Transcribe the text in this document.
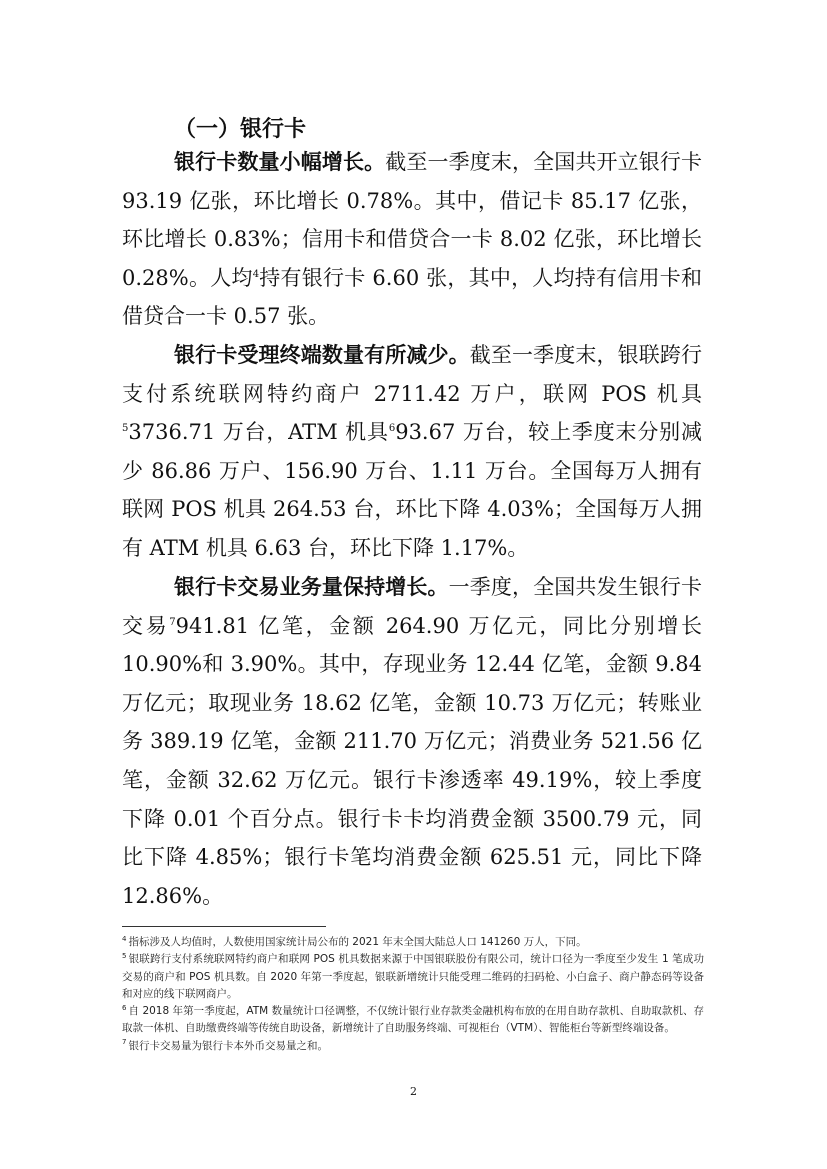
（一）银行卡
银行卡数量小幅增长。截至一季度末，全国共开立银行卡 93.19 亿张，环比增长 0.78%。其中，借记卡 85.17 亿张，环比增长 0.83%；信用卡和借贷合一卡 8.02 亿张，环比增长 0.28%。人均$^4$持有银行卡 6.60 张，其中，人均持有信用卡和借贷合一卡 0.57 张。
银行卡受理终端数量有所减少。截至一季度末，银联跨行支付系统联网特约商户 2711.42 万户，联网 POS 机具$^5$3736.71 万台，ATM 机具$^6$93.67 万台，较上季度末分别减少 86.86 万户、156.90 万台、1.11 万台。全国每万人拥有联网 POS 机具 264.53 台，环比下降 4.03%；全国每万人拥有 ATM 机具 6.63 台，环比下降 1.17%。
银行卡交易业务量保持增长。一季度，全国共发生银行卡交易$^7$941.81 亿笔，金额 264.90 万亿元，同比分别增长 10.90%和 3.90%。其中，存现业务 12.44 亿笔，金额 9.84 万亿元；取现业务 18.62 亿笔，金额 10.73 万亿元；转账业务 389.19 亿笔，金额 211.70 万亿元；消费业务 521.56 亿笔，金额 32.62 万亿元。银行卡渗透率 49.19%，较上季度下降 0.01 个百分点。银行卡卡均消费金额 3500.79 元，同比下降 4.85%；银行卡笔均消费金额 625.51 元，同比下降 12.86%。

$^4$ 指标涉及人均值时，人数使用国家统计局公布的 2021 年末全国大陆总人口 141260 万人，下同。

$^5$ 银联跨行支付系统联网特约商户和联网 POS 机具数据来源于中国银联股份有限公司，统计口径为一季度至少发生 1 笔成功交易的商户和 POS 机具数。自 2020 年第一季度起，银联新增统计只能受理二维码的扫码枪、小白盒子、商户静态码等设备和对应的线下联网商户。

$^6$ 自 2018 年第一季度起，ATM 数量统计口径调整，不仅统计银行业存款类金融机构布放的在用自助存款机、自助取款机、存取款一体机、自助缴费终端等传统自助设备，新增统计了自助服务终端、可视柜台（VTM）、智能柜台等新型终端设备。

$^7$ 银行卡交易量为银行卡本外币交易量之和。

2
